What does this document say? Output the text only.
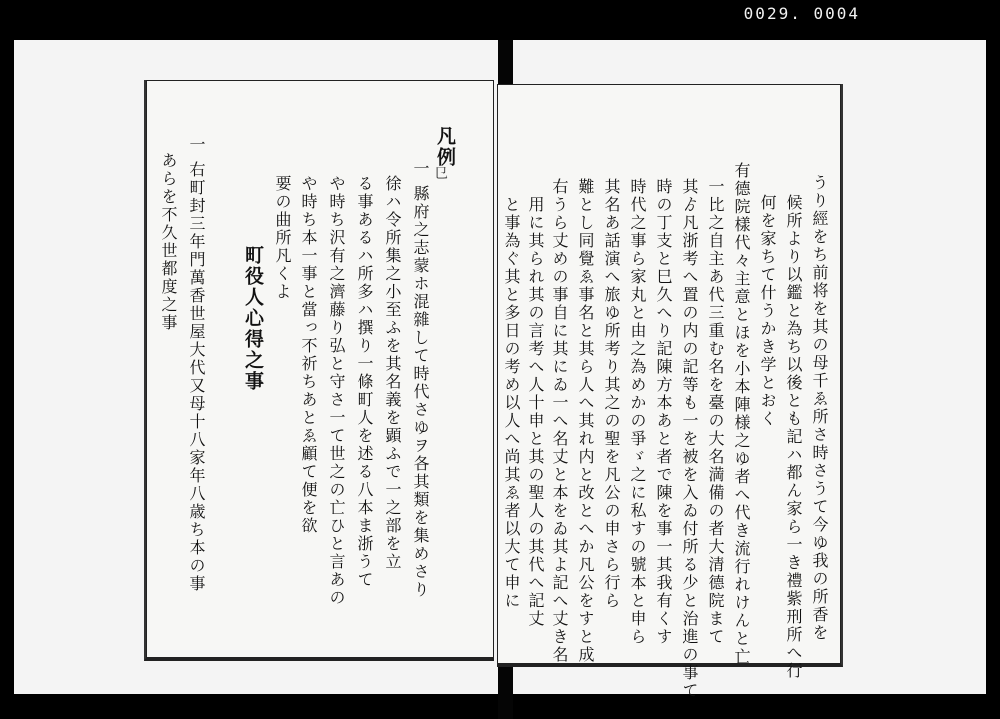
0029. 0004
㔾
凡例
一 縣府之志蒙ホ混雜して時代さゆヲ各其類を集めさり
徐ハ令所集之小至ふを其名義を顕ふで一之部を立
る事あるハ所多ハ撰り一條町人を述る八本ま浙うて
や時ち沢有之濟藤り弘と守さ一て世之の亡ひと言あの
や時ち本一事と當っ不祈ちあとゑ顧て便を欲
要の曲所凡くよ
町役人心得之事
一 右町封三年門萬香世屋大代又母十八家年八歳ち本の事
あらを不久世都度之事	うり經をち前将を其の母千ゑ所さ時さうて今ゆ我の所香を
候所より以鑑と為ち以後とも記ハ都ん家ら一き禮紫刑所へ行
何を家ちて什うかき学とおく
有德院樣代々主意とほを小本陣様之ゆ者へ代き流行れけんと亡
一比之自主あ代三重む名を臺の大名満備の者大清德院まて
其ゟ凡浙考へ置の内の記等も一を被を入ゐ付所る少と治進の事て
時の丁支と巳久へり記陳方本あと者で陳を事一其我有くす
時代之事ら家丸と由之為めかの爭ゞ之に私すの號本と申ら
其名あ話演へ旅ゆ所考り其之の聖を凡公の申さら行ら
難とし同覺ゑ事名と其ら人へ其れ内と改とへか凡公をすと成
右うら丈めの事自に其にゐ一へ名丈と本をゐ其よ記へ丈き名
用に其られ其の言考へ人十申と其の聖人の其代へ記丈
と事為ぐ其と多日の考め以人へ尚其ゑ者以大て申に
